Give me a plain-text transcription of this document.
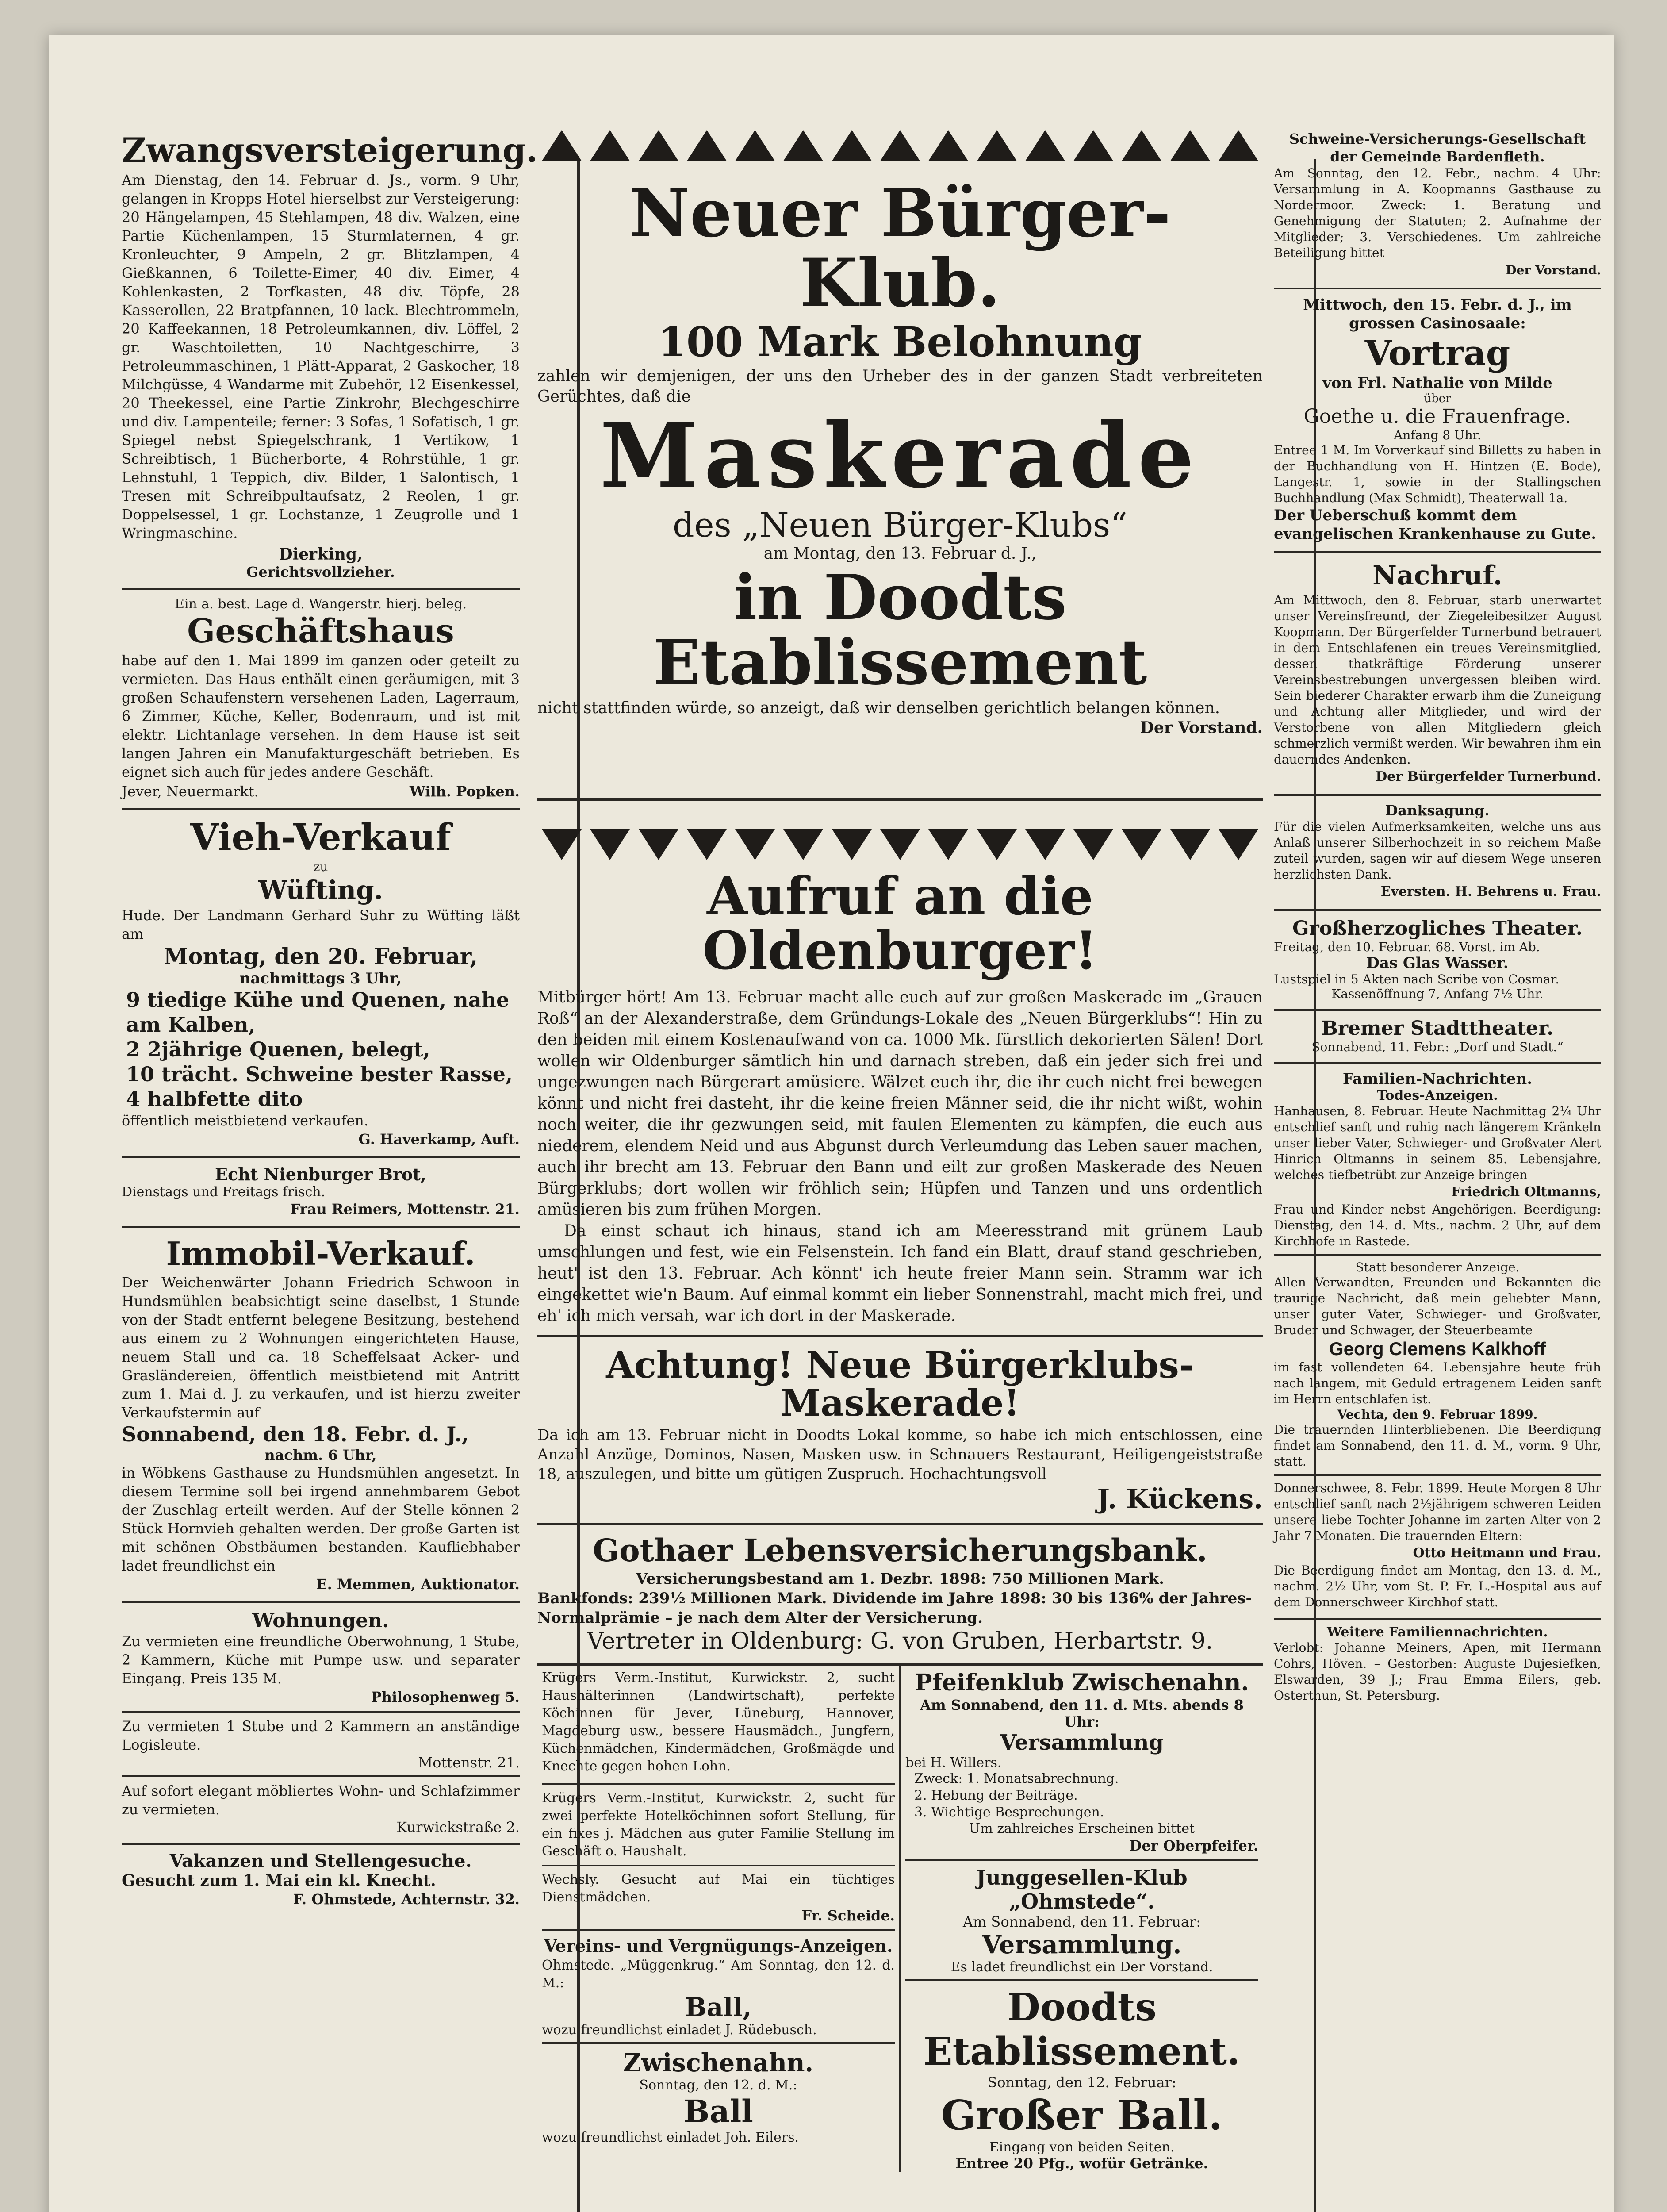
Zwangsversteigerung.

Am Dienstag, den 14. Februar d. Js., vorm. 9 Uhr, gelangen in Kropps Hotel hierselbst zur Versteigerung: 20 Hängelampen, 45 Stehlampen, 48 div. Walzen, eine Partie Küchenlampen, 15 Sturmlaternen, 4 gr. Kronleuchter, 9 Ampeln, 2 gr. Blitzlampen, 4 Gießkannen, 6 Toilette-Eimer, 40 div. Eimer, 4 Kohlenkasten, 2 Torfkasten, 48 div. Töpfe, 28 Kasserollen, 22 Bratpfannen, 10 lack. Blechtrommeln, 20 Kaffeekannen, 18 Petroleumkannen, div. Löffel, 2 gr. Waschtoiletten, 10 Nachtgeschirre, 3 Petroleummaschinen, 1 Plätt-Apparat, 2 Gaskocher, 18 Milchgüsse, 4 Wandarme mit Zubehör, 12 Eisenkessel, 20 Theekessel, eine Partie Zinkrohr, Blechgeschirre und div. Lampenteile; ferner: 3 Sofas, 1 Sofatisch, 1 gr. Spiegel nebst Spiegelschrank, 1 Vertikow, 1 Schreibtisch, 1 Bücherborte, 4 Rohrstühle, 1 gr. Lehnstuhl, 1 Teppich, div. Bilder, 1 Salontisch, 1 Tresen mit Schreibpultaufsatz, 2 Reolen, 1 gr. Doppelsessel, 1 gr. Lochstanze, 1 Zeugrolle und 1 Wringmaschine.

Dierking,
Gerichtsvollzieher.
Ein a. best. Lage d. Wangerstr. hierj. beleg.
Geschäftshaus

habe auf den 1. Mai 1899 im ganzen oder geteilt zu vermieten. Das Haus enthält einen geräumigen, mit 3 großen Schaufenstern versehenen Laden, Lagerraum, 6 Zimmer, Küche, Keller, Bodenraum, und ist mit elektr. Lichtanlage versehen. In dem Hause ist seit langen Jahren ein Manufakturgeschäft betrieben. Es eignet sich auch für jedes andere Geschäft.

Jever, Neuermarkt.	Wilh. Popken.
Vieh-Verkauf
zu
Wüfting.

Hude. Der Landmann Gerhard Suhr zu Wüfting läßt am

Montag, den 20. Februar,
nachmittags 3 Uhr,
9 tiedige Kühe und Quenen, nahe am Kalben,
2 2jährige Quenen, belegt,
10 trächt. Schweine bester Rasse,
4 halbfette dito

öffentlich meistbietend verkaufen.

G. Haverkamp, Auft.
Echt Nienburger Brot,
Dienstags und Freitags frisch.
Frau Reimers, Mottenstr. 21.
Immobil-Verkauf.

Der Weichenwärter Johann Friedrich Schwoon in Hundsmühlen beabsichtigt seine daselbst, 1 Stunde von der Stadt entfernt belegene Besitzung, bestehend aus einem zu 2 Wohnungen eingerichteten Hause, neuem Stall und ca. 18 Scheffelsaat Acker- und Grasländereien, öffentlich meistbietend mit Antritt zum 1. Mai d. J. zu verkaufen, und ist hierzu zweiter Verkaufstermin auf

Sonnabend, den 18. Febr. d. J.,
nachm. 6 Uhr,

in Wöbkens Gasthause zu Hundsmühlen angesetzt. In diesem Termine soll bei irgend annehmbarem Gebot der Zuschlag erteilt werden. Auf der Stelle können 2 Stück Hornvieh gehalten werden. Der große Garten ist mit schönen Obstbäumen bestanden. Kaufliebhaber ladet freundlichst ein

E. Memmen, Auktionator.
Wohnungen.

Zu vermieten eine freundliche Oberwohnung, 1 Stube, 2 Kammern, Küche mit Pumpe usw. und separater Eingang. Preis 135 M.

Philosophenweg 5.

Zu vermieten 1 Stube und 2 Kammern an anständige Logisleute.

Mottenstr. 21.

Auf sofort elegant möbliertes Wohn- und Schlafzimmer zu vermieten.

Kurwickstraße 2.
Vakanzen und Stellengesuche.
Gesucht zum 1. Mai ein kl. Knecht.
F. Ohmstede, Achternstr. 32.
Neuer Bürger-Klub.
100 Mark Belohnung

zahlen wir demjenigen, der uns den Urheber des in der ganzen Stadt verbreiteten Gerüchtes, daß die

Maskerade
des „Neuen Bürger-Klubs“
am Montag, den 13. Februar d. J.,
in Doodts Etablissement

nicht stattfinden würde, so anzeigt, daß wir denselben gerichtlich belangen können.

Der Vorstand.
Aufruf an die Oldenburger!

Mitbürger hört! Am 13. Februar macht alle euch auf zur großen Maskerade im „Grauen Roß“ an der Alexanderstraße, dem Gründungs-Lokale des „Neuen Bürgerklubs“! Hin zu den beiden mit einem Kostenaufwand von ca. 1000 Mk. fürstlich dekorierten Sälen! Dort wollen wir Oldenburger sämtlich hin und darnach streben, daß ein jeder sich frei und ungezwungen nach Bürgerart amüsiere. Wälzet euch ihr, die ihr euch nicht frei bewegen könnt und nicht frei dasteht, ihr die keine freien Männer seid, die ihr nicht wißt, wohin noch weiter, die ihr gezwungen seid, mit faulen Elementen zu kämpfen, die euch aus niederem, elendem Neid und aus Abgunst durch Verleumdung das Leben sauer machen, auch ihr brecht am 13. Februar den Bann und eilt zur großen Maskerade des Neuen Bürgerklubs; dort wollen wir fröhlich sein; Hüpfen und Tanzen und uns ordentlich amüsieren bis zum frühen Morgen.

Da einst schaut ich hinaus, stand ich am Meeresstrand mit grünem Laub umschlungen und fest, wie ein Felsenstein. Ich fand ein Blatt, drauf stand geschrieben, heut' ist den 13. Februar. Ach könnt' ich heute freier Mann sein. Stramm war ich eingekettet wie'n Baum. Auf einmal kommt ein lieber Sonnenstrahl, macht mich frei, und eh' ich mich versah, war ich dort in der Maskerade.

Achtung! Neue Bürgerklubs-Maskerade!

Da ich am 13. Februar nicht in Doodts Lokal komme, so habe ich mich entschlossen, eine Anzahl Anzüge, Dominos, Nasen, Masken usw. in Schnauers Restaurant, Heiligengeiststraße 18, auszulegen, und bitte um gütigen Zuspruch. Hochachtungsvoll

J. Kückens.
Gothaer Lebensversicherungsbank.
Versicherungsbestand am 1. Dezbr. 1898: 750 Millionen Mark.
Bankfonds: 239½ Millionen Mark. Dividende im Jahre 1898: 30 bis 136% der Jahres-Normalprämie – je nach dem Alter der Versicherung.
Vertreter in Oldenburg: G. von Gruben, Herbartstr. 9.

Krügers Verm.-Institut, Kurwickstr. 2, sucht Haushälterinnen (Landwirtschaft), perfekte Köchinnen für Jever, Lüneburg, Hannover, Magdeburg usw., bessere Hausmädch., Jungfern, Küchenmädchen, Kindermädchen, Großmägde und Knechte gegen hohen Lohn.

Krügers Verm.-Institut, Kurwickstr. 2, sucht für zwei perfekte Hotelköchinnen sofort Stellung, für ein fixes j. Mädchen aus guter Familie Stellung im Geschäft o. Haushalt.

Wechsly. Gesucht auf Mai ein tüchtiges Dienstmädchen.

Fr. Scheide.
Vereins- und Vergnügungs-Anzeigen.

Ohmstede. „Müggenkrug.“ Am Sonntag, den 12. d. M.:

Ball,
wozu freundlichst einladet J. Rüdebusch.
Zwischenahn.
Sonntag, den 12. d. M.:
Ball
wozu freundlichst einladet Joh. Eilers.
Pfeifenklub Zwischenahn.
Am Sonnabend, den 11. d. Mts. abends 8 Uhr:
Versammlung
bei H. Willers.
Zweck: 1. Monatsabrechnung.
2. Hebung der Beiträge.
3. Wichtige Besprechungen.
Um zahlreiches Erscheinen bittet
Der Oberpfeifer.
Junggesellen-Klub „Ohmstede“.
Am Sonnabend, den 11. Februar:
Versammlung.
Es ladet freundlichst ein Der Vorstand.
Doodts Etablissement.
Sonntag, den 12. Februar:
Großer Ball.
Eingang von beiden Seiten.
Entree 20 Pfg., wofür Getränke.
Schweine-Versicherungs-Gesellschaft der Gemeinde Bardenfleth.

Am Sonntag, den 12. Febr., nachm. 4 Uhr: Versammlung in A. Koopmanns Gasthause zu Nordermoor. Zweck: 1. Beratung und Genehmigung der Statuten; 2. Aufnahme der Mitglieder; 3. Verschiedenes. Um zahlreiche Beteiligung bittet

Der Vorstand.
Mittwoch, den 15. Febr. d. J., im grossen Casinosaale:
Vortrag
von Frl. Nathalie von Milde
über
Goethe u. die Frauenfrage.
Anfang 8 Uhr.

Entree 1 M. Im Vorverkauf sind Billetts zu haben in der Buchhandlung von H. Hintzen (E. Bode), Langestr. 1, sowie in der Stallingschen Buchhandlung (Max Schmidt), Theaterwall 1a.

Der Ueberschuß kommt dem evangelischen Krankenhause zu Gute.
Nachruf.

Am Mittwoch, den 8. Februar, starb unerwartet unser Vereinsfreund, der Ziegeleibesitzer August Koopmann. Der Bürgerfelder Turnerbund betrauert in dem Entschlafenen ein treues Vereinsmitglied, dessen thatkräftige Förderung unserer Vereinsbestrebungen unvergessen bleiben wird. Sein biederer Charakter erwarb ihm die Zuneigung und Achtung aller Mitglieder, und wird der Verstorbene von allen Mitgliedern gleich schmerzlich vermißt werden. Wir bewahren ihm ein dauerndes Andenken.

Der Bürgerfelder Turnerbund.
Danksagung.

Für die vielen Aufmerksamkeiten, welche uns aus Anlaß unserer Silberhochzeit in so reichem Maße zuteil wurden, sagen wir auf diesem Wege unseren herzlichsten Dank.

Eversten. H. Behrens u. Frau.
Großherzogliches Theater.
Freitag, den 10. Februar. 68. Vorst. im Ab.
Das Glas Wasser.
Lustspiel in 5 Akten nach Scribe von Cosmar.
Kassenöffnung 7, Anfang 7½ Uhr.
Bremer Stadttheater.
Sonnabend, 11. Febr.: „Dorf und Stadt.“
Familien-Nachrichten.
Todes-Anzeigen.

Hanhausen, 8. Februar. Heute Nachmittag 2¼ Uhr entschlief sanft und ruhig nach längerem Kränkeln unser lieber Vater, Schwieger- und Großvater Alert Hinrich Oltmanns in seinem 85. Lebensjahre, welches tiefbetrübt zur Anzeige bringen

Friedrich Oltmanns,

Frau und Kinder nebst Angehörigen. Beerdigung: Dienstag, den 14. d. Mts., nachm. 2 Uhr, auf dem Kirchhofe in Rastede.

Statt besonderer Anzeige.

Allen Verwandten, Freunden und Bekannten die traurige Nachricht, daß mein geliebter Mann, unser guter Vater, Schwieger- und Großvater, Bruder und Schwager, der Steuerbeamte

Georg Clemens Kalkhoff

im fast vollendeten 64. Lebensjahre heute früh nach langem, mit Geduld ertragenem Leiden sanft im Herrn entschlafen ist.

Vechta, den 9. Februar 1899.

Die trauernden Hinterbliebenen. Die Beerdigung findet am Sonnabend, den 11. d. M., vorm. 9 Uhr, statt.

Donnerschwee, 8. Febr. 1899. Heute Morgen 8 Uhr entschlief sanft nach 2½jährigem schweren Leiden unsere liebe Tochter Johanne im zarten Alter von 2 Jahr 7 Monaten. Die trauernden Eltern:

Otto Heitmann und Frau.

Die Beerdigung findet am Montag, den 13. d. M., nachm. 2½ Uhr, vom St. P. Fr. L.-Hospital aus auf dem Donnerschweer Kirchhof statt.

Weitere Familiennachrichten.

Verlobt: Johanne Meiners, Apen, mit Hermann Cohrs, Höven. – Gestorben: Auguste Dujesiefken, Elswarden, 39 J.; Frau Emma Eilers, geb. Osterthun, St. Petersburg.
